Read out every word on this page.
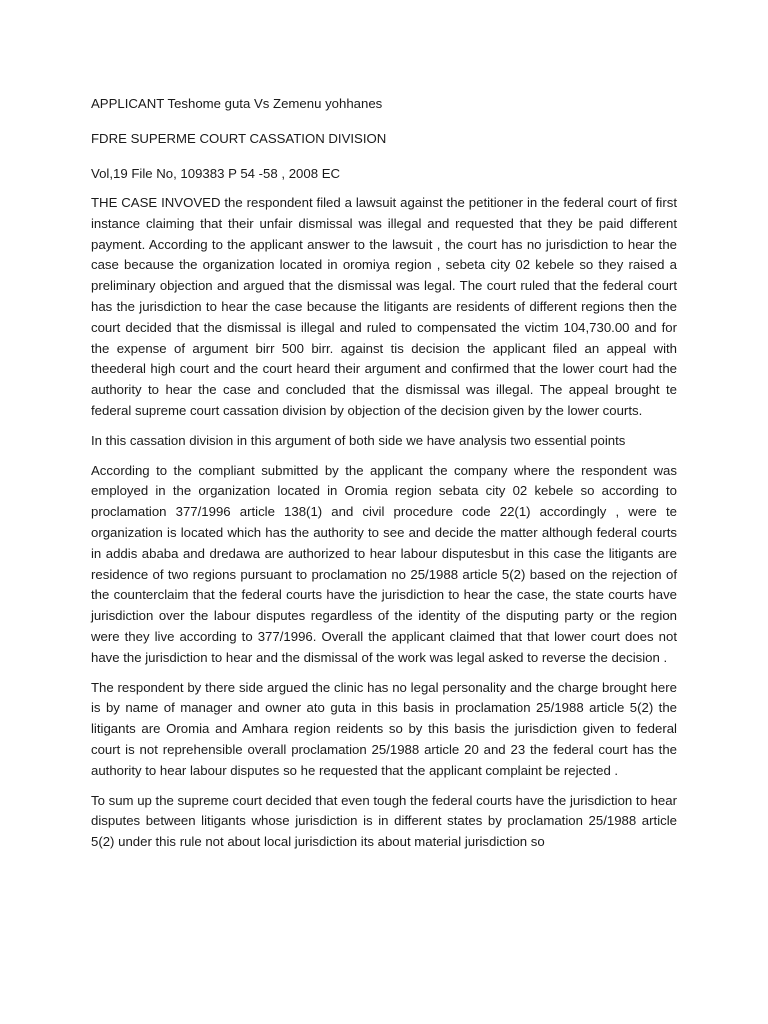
APPLICANT Teshome guta Vs Zemenu yohhanes

FDRE SUPERME COURT CASSATION DIVISION

Vol,19 File No, 109383 P 54 -58 , 2008 EC

THE CASE INVOVED the respondent filed a lawsuit against the petitioner in the federal court of first instance claiming that their unfair dismissal was illegal and requested that they be paid different payment. According to the applicant answer to the lawsuit , the court has no jurisdiction to hear the case because the organization located in oromiya region , sebeta city 02 kebele so they raised a preliminary objection and argued that the dismissal was legal. The court ruled that the federal court has the jurisdiction to hear the case because the litigants are residents of different regions then the court decided that the dismissal is illegal and ruled to compensated the victim 104,730.00 and for the expense of argument birr 500 birr. against tis decision the applicant filed an appeal with theederal high court and the court heard their argument and confirmed that the lower court had the authority to hear the case and concluded that the dismissal was illegal. The appeal brought te federal supreme court cassation division by objection of the decision given by the lower courts.

In this cassation division in this argument of both side we have analysis two essential points

According to the compliant submitted by the applicant the company where the respondent was employed in the organization located in Oromia region sebata city 02 kebele so according to proclamation 377/1996 article 138(1) and civil procedure code 22(1) accordingly , were te organization is located which has the authority to see and decide the matter although federal courts in addis ababa and dredawa are authorized to hear labour disputesbut in this case the litigants are residence of two regions pursuant to proclamation no 25/1988 article 5(2) based on the rejection of the counterclaim that the federal courts have the jurisdiction to hear the case, the state courts have jurisdiction over the labour disputes regardless of the identity of the disputing party or the region were they live according to 377/1996. Overall the applicant claimed that that lower court does not have the jurisdiction to hear and the dismissal of the work was legal asked to reverse the decision .

The respondent by there side argued the clinic has no legal personality and the charge brought here is by name of manager and owner ato guta in this basis in proclamation 25/1988 article 5(2) the litigants are Oromia and Amhara region reidents so by this basis the jurisdiction given to federal court is not reprehensible overall proclamation 25/1988 article 20 and 23 the federal court has the authority to hear labour disputes so he requested that the applicant complaint be rejected .

To sum up the supreme court decided that even tough the federal courts have the jurisdiction to hear disputes between litigants whose jurisdiction is in different states by proclamation 25/1988 article 5(2) under this rule not about local jurisdiction its about material jurisdiction so
